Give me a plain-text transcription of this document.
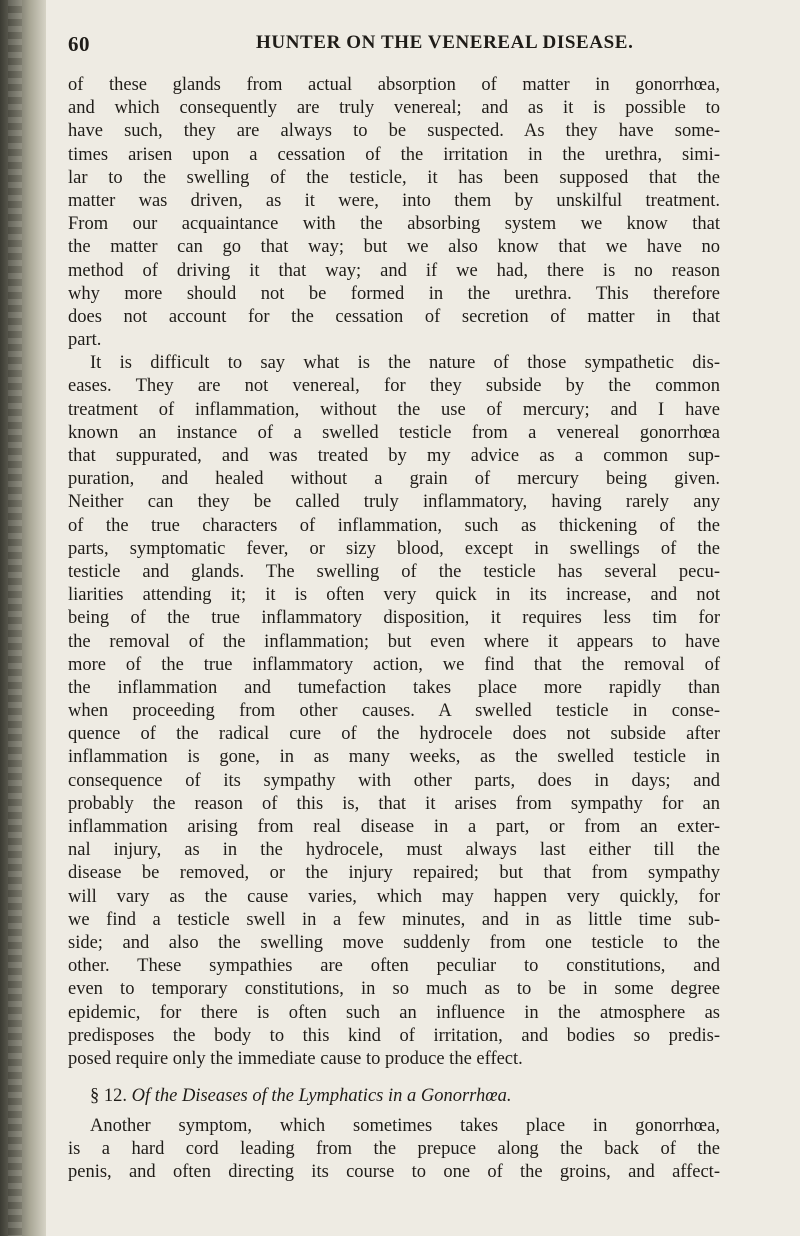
60	HUNTER ON THE VENEREAL DISEASE.
of these glands from actual absorption of matter in gonorrhœa,
and which consequently are truly venereal; and as it is possible to
have such, they are always to be suspected. As they have some-
times arisen upon a cessation of the irritation in the urethra, simi-
lar to the swelling of the testicle, it has been supposed that the
matter was driven, as it were, into them by unskilful treatment.
From our acquaintance with the absorbing system we know that
the matter can go that way; but we also know that we have no
method of driving it that way; and if we had, there is no reason
why more should not be formed in the urethra. This therefore
does not account for the cessation of secretion of matter in that
part.
It is difficult to say what is the nature of those sympathetic dis-
eases. They are not venereal, for they subside by the common
treatment of inflammation, without the use of mercury; and I have
known an instance of a swelled testicle from a venereal gonorrhœa
that suppurated, and was treated by my advice as a common sup-
puration, and healed without a grain of mercury being given.
Neither can they be called truly inflammatory, having rarely any
of the true characters of inflammation, such as thickening of the
parts, symptomatic fever, or sizy blood, except in swellings of the
testicle and glands. The swelling of the testicle has several pecu-
liarities attending it; it is often very quick in its increase, and not
being of the true inflammatory disposition, it requires less tim for
the removal of the inflammation; but even where it appears to have
more of the true inflammatory action, we find that the removal of
the inflammation and tumefaction takes place more rapidly than
when proceeding from other causes. A swelled testicle in conse-
quence of the radical cure of the hydrocele does not subside after
inflammation is gone, in as many weeks, as the swelled testicle in
consequence of its sympathy with other parts, does in days; and
probably the reason of this is, that it arises from sympathy for an
inflammation arising from real disease in a part, or from an exter-
nal injury, as in the hydrocele, must always last either till the
disease be removed, or the injury repaired; but that from sympathy
will vary as the cause varies, which may happen very quickly, for
we find a testicle swell in a few minutes, and in as little time sub-
side; and also the swelling move suddenly from one testicle to the
other. These sympathies are often peculiar to constitutions, and
even to temporary constitutions, in so much as to be in some degree
epidemic, for there is often such an influence in the atmosphere as
predisposes the body to this kind of irritation, and bodies so predis-
posed require only the immediate cause to produce the effect.
§ 12. Of the Diseases of the Lymphatics in a Gonorrhœa.
Another symptom, which sometimes takes place in gonorrhœa,
is a hard cord leading from the prepuce along the back of the
penis, and often directing its course to one of the groins, and affect-
